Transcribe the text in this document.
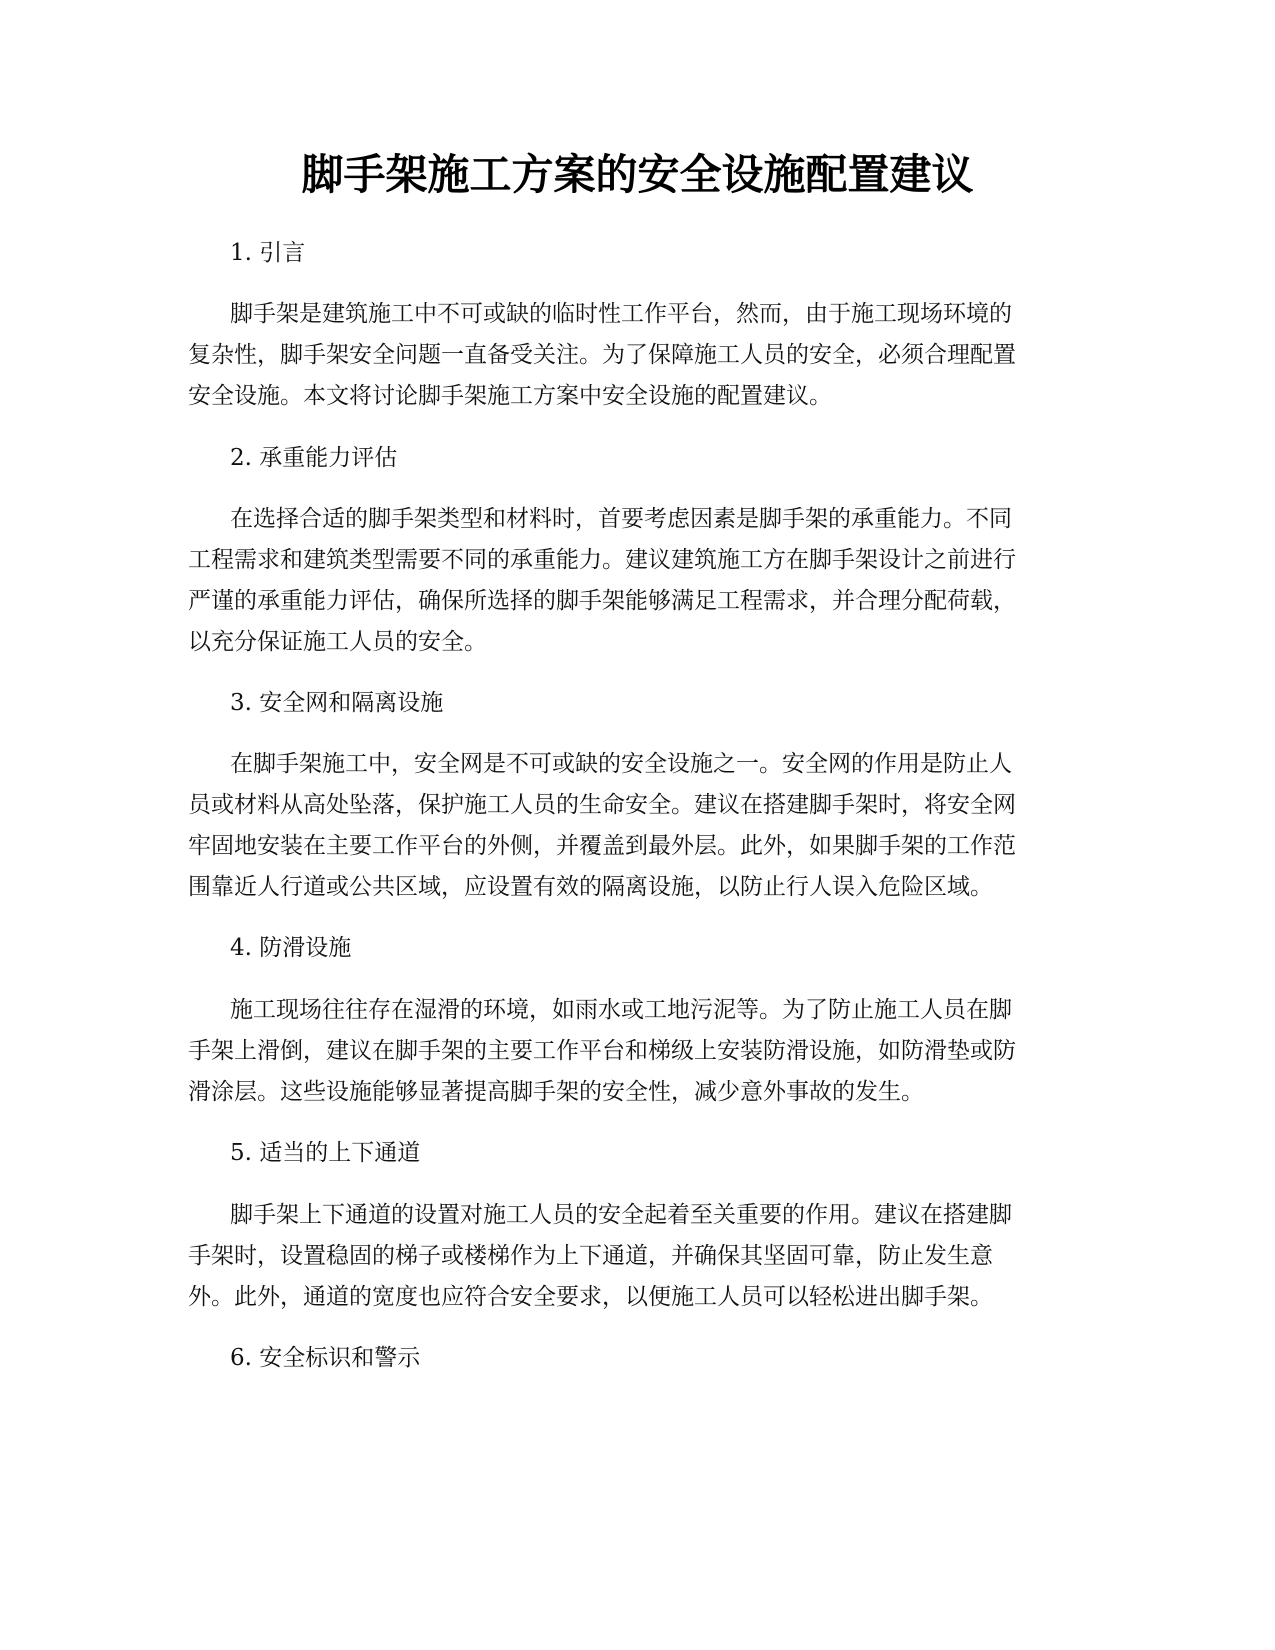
脚手架施工方案的安全设施配置建议

1. 引言

脚手架是建筑施工中不可或缺的临时性工作平台，然而，由于施工现场环境的
复杂性，脚手架安全问题一直备受关注。为了保障施工人员的安全，必须合理配置
安全设施。本文将讨论脚手架施工方案中安全设施的配置建议。

2. 承重能力评估

在选择合适的脚手架类型和材料时，首要考虑因素是脚手架的承重能力。不同
工程需求和建筑类型需要不同的承重能力。建议建筑施工方在脚手架设计之前进行
严谨的承重能力评估，确保所选择的脚手架能够满足工程需求，并合理分配荷载，
以充分保证施工人员的安全。

3. 安全网和隔离设施

在脚手架施工中，安全网是不可或缺的安全设施之一。安全网的作用是防止人
员或材料从高处坠落，保护施工人员的生命安全。建议在搭建脚手架时，将安全网
牢固地安装在主要工作平台的外侧，并覆盖到最外层。此外，如果脚手架的工作范
围靠近人行道或公共区域，应设置有效的隔离设施，以防止行人误入危险区域。

4. 防滑设施

施工现场往往存在湿滑的环境，如雨水或工地污泥等。为了防止施工人员在脚
手架上滑倒，建议在脚手架的主要工作平台和梯级上安装防滑设施，如防滑垫或防
滑涂层。这些设施能够显著提高脚手架的安全性，减少意外事故的发生。

5. 适当的上下通道

脚手架上下通道的设置对施工人员的安全起着至关重要的作用。建议在搭建脚
手架时，设置稳固的梯子或楼梯作为上下通道，并确保其坚固可靠，防止发生意
外。此外，通道的宽度也应符合安全要求，以便施工人员可以轻松进出脚手架。

6. 安全标识和警示
